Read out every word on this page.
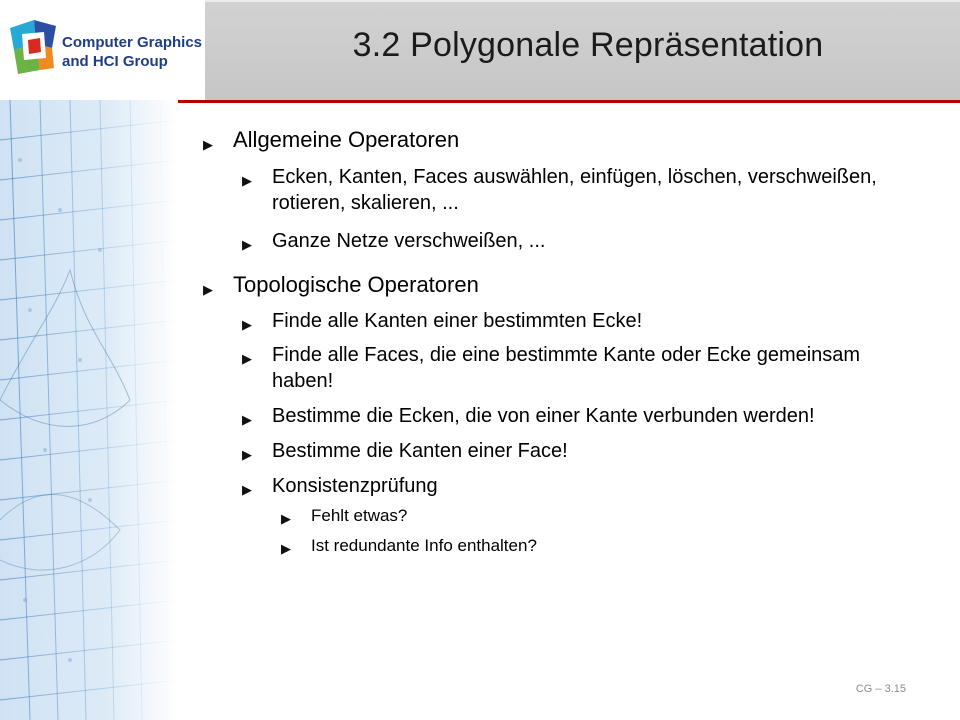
Computer Graphics
and HCI Group	3.2 Polygonale Repräsentation
▶ Allgemeine Operatoren
▶ Ecken, Kanten, Faces auswählen, einfügen, löschen, verschweißen, rotieren, skalieren, ...
▶ Ganze Netze verschweißen, ...
▶ Topologische Operatoren
▶ Finde alle Kanten einer bestimmten Ecke!
▶ Finde alle Faces, die eine bestimmte Kante oder Ecke gemeinsam haben!
▶ Bestimme die Ecken, die von einer Kante verbunden werden!
▶ Bestimme die Kanten einer Face!
▶ Konsistenzprüfung
▶ Fehlt etwas?
▶ Ist redundante Info enthalten?
CG – 3.15
